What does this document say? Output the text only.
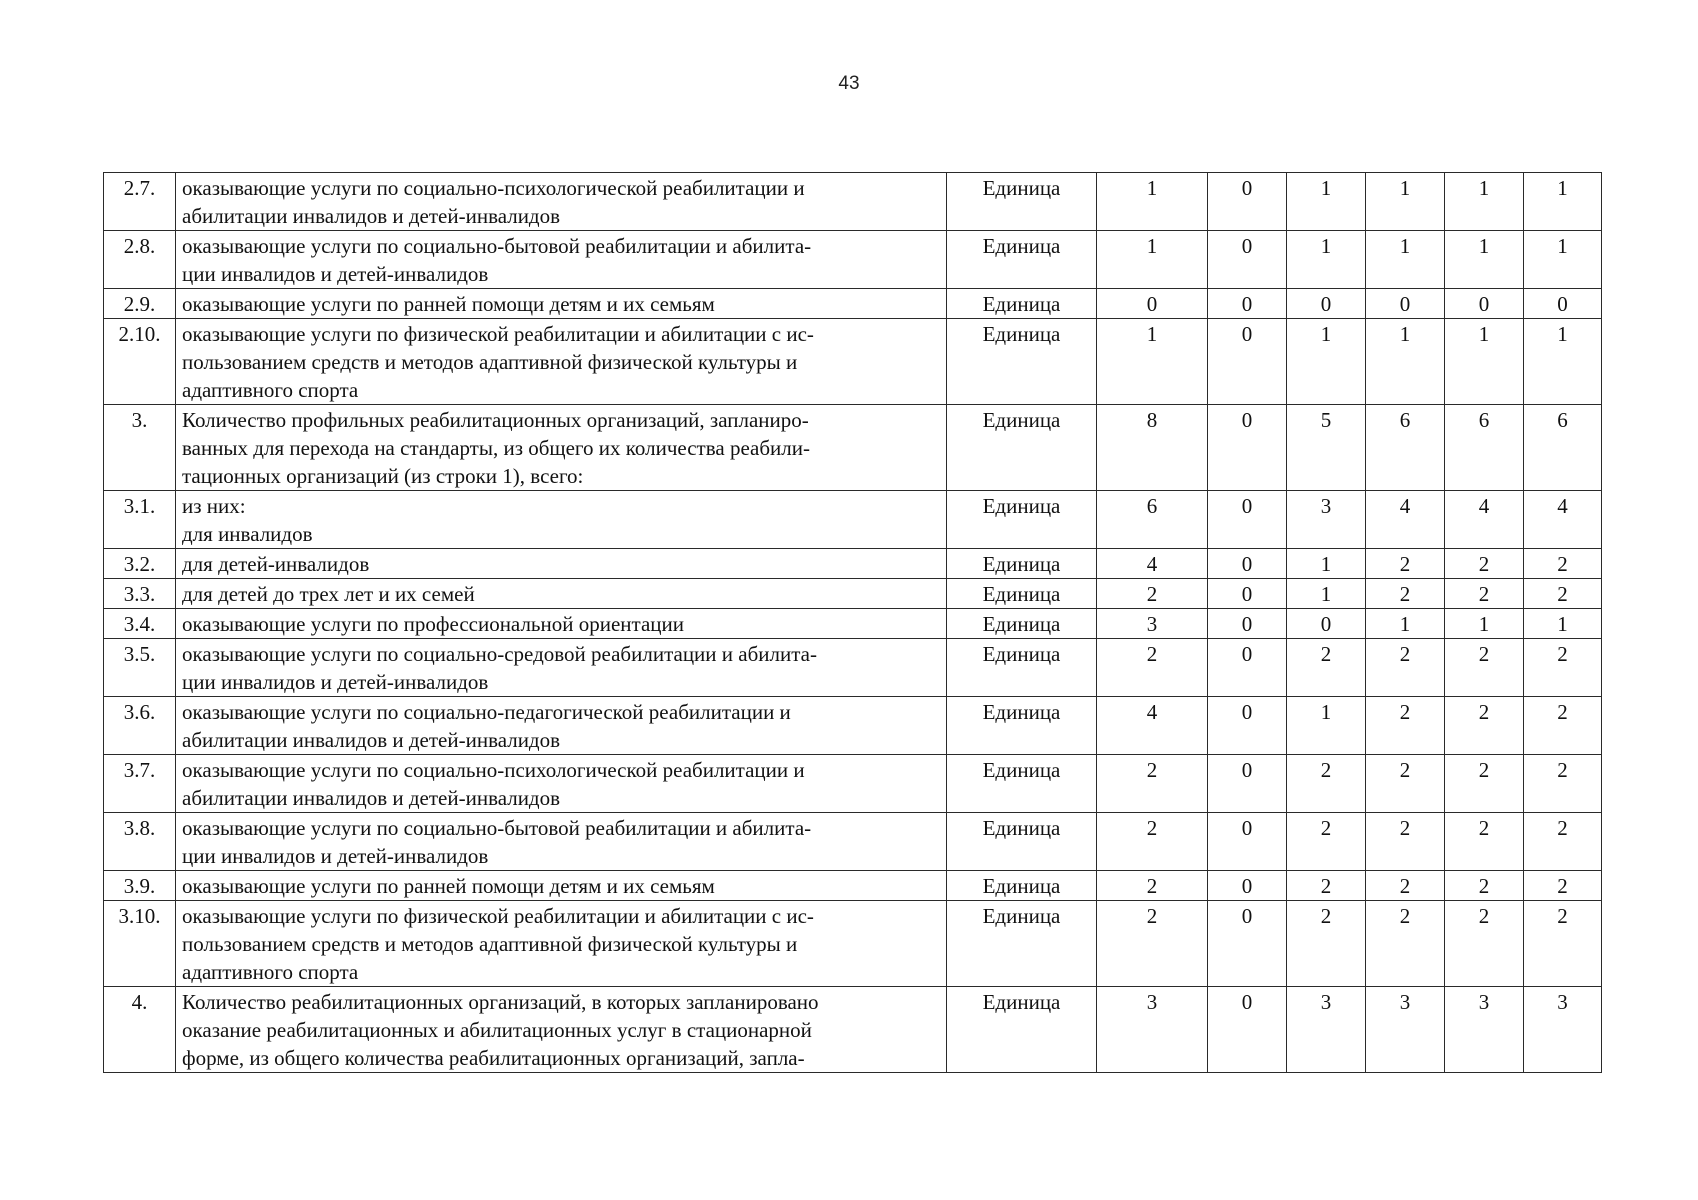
43
2.7.	оказывающие услуги по социально-психологической реабилитации и
абилитации инвалидов и детей-инвалидов	Единица	1	0	1	1	1	1
2.8.	оказывающие услуги по социально-бытовой реабилитации и абилита-
ции инвалидов и детей-инвалидов	Единица	1	0	1	1	1	1
2.9.	оказывающие услуги по ранней помощи детям и их семьям	Единица	0	0	0	0	0	0
2.10.	оказывающие услуги по физической реабилитации и абилитации с ис-
пользованием средств и методов адаптивной физической культуры и
адаптивного спорта	Единица	1	0	1	1	1	1
3.	Количество профильных реабилитационных организаций, запланиро-
ванных для перехода на стандарты, из общего их количества реабили-
тационных организаций (из строки 1), всего:	Единица	8	0	5	6	6	6
3.1.	из них:
для инвалидов	Единица	6	0	3	4	4	4
3.2.	для детей-инвалидов	Единица	4	0	1	2	2	2
3.3.	для детей до трех лет и их семей	Единица	2	0	1	2	2	2
3.4.	оказывающие услуги по профессиональной ориентации	Единица	3	0	0	1	1	1
3.5.	оказывающие услуги по социально-средовой реабилитации и абилита-
ции инвалидов и детей-инвалидов	Единица	2	0	2	2	2	2
3.6.	оказывающие услуги по социально-педагогической реабилитации и
абилитации инвалидов и детей-инвалидов	Единица	4	0	1	2	2	2
3.7.	оказывающие услуги по социально-психологической реабилитации и
абилитации инвалидов и детей-инвалидов	Единица	2	0	2	2	2	2
3.8.	оказывающие услуги по социально-бытовой реабилитации и абилита-
ции инвалидов и детей-инвалидов	Единица	2	0	2	2	2	2
3.9.	оказывающие услуги по ранней помощи детям и их семьям	Единица	2	0	2	2	2	2
3.10.	оказывающие услуги по физической реабилитации и абилитации с ис-
пользованием средств и методов адаптивной физической культуры и
адаптивного спорта	Единица	2	0	2	2	2	2
4.	Количество реабилитационных организаций, в которых запланировано
оказание реабилитационных и абилитационных услуг в стационарной
форме, из общего количества реабилитационных организаций, запла-	Единица	3	0	3	3	3	3
